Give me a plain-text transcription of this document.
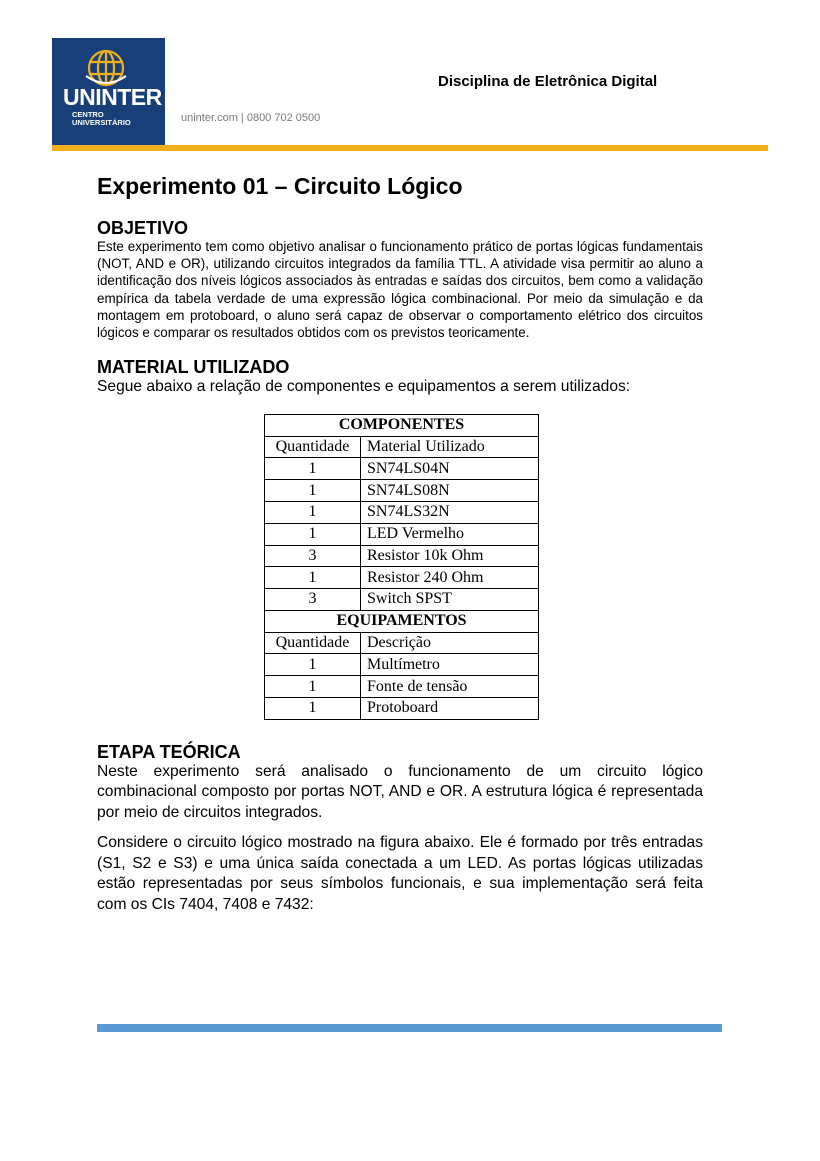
UNINTER
CENTRO
UNIVERSITÁRIO	uninter.com | 0800 702 0500
Disciplina de Eletrônica Digital
Experimento 01 – Circuito Lógico
OBJETIVO

Este experimento tem como objetivo analisar o funcionamento prático de portas lógicas fundamentais (NOT, AND e OR), utilizando circuitos integrados da família TTL. A atividade visa permitir ao aluno a identificação dos níveis lógicos associados às entradas e saídas dos circuitos, bem como a validação empírica da tabela verdade de uma expressão lógica combinacional. Por meio da simulação e da montagem em protoboard, o aluno será capaz de observar o comportamento elétrico dos circuitos lógicos e comparar os resultados obtidos com os previstos teoricamente.

MATERIAL UTILIZADO

Segue abaixo a relação de componentes e equipamentos a serem utilizados:

COMPONENTES	
Quantidade	Material Utilizado
1	SN74LS04N
1	SN74LS08N
1	SN74LS32N
1	LED Vermelho
3	Resistor 10k Ohm
1	Resistor 240 Ohm
3	Switch SPST
EQUIPAMENTOS	
Quantidade	Descrição
1	Multímetro
1	Fonte de tensão
1	Protoboard
ETAPA TEÓRICA

Neste experimento será analisado o funcionamento de um circuito lógico combinacional composto por portas NOT, AND e OR. A estrutura lógica é representada por meio de circuitos integrados.

Considere o circuito lógico mostrado na figura abaixo. Ele é formado por três entradas (S1, S2 e S3) e uma única saída conectada a um LED. As portas lógicas utilizadas estão representadas por seus símbolos funcionais, e sua implementação será feita com os CIs 7404, 7408 e 7432:
